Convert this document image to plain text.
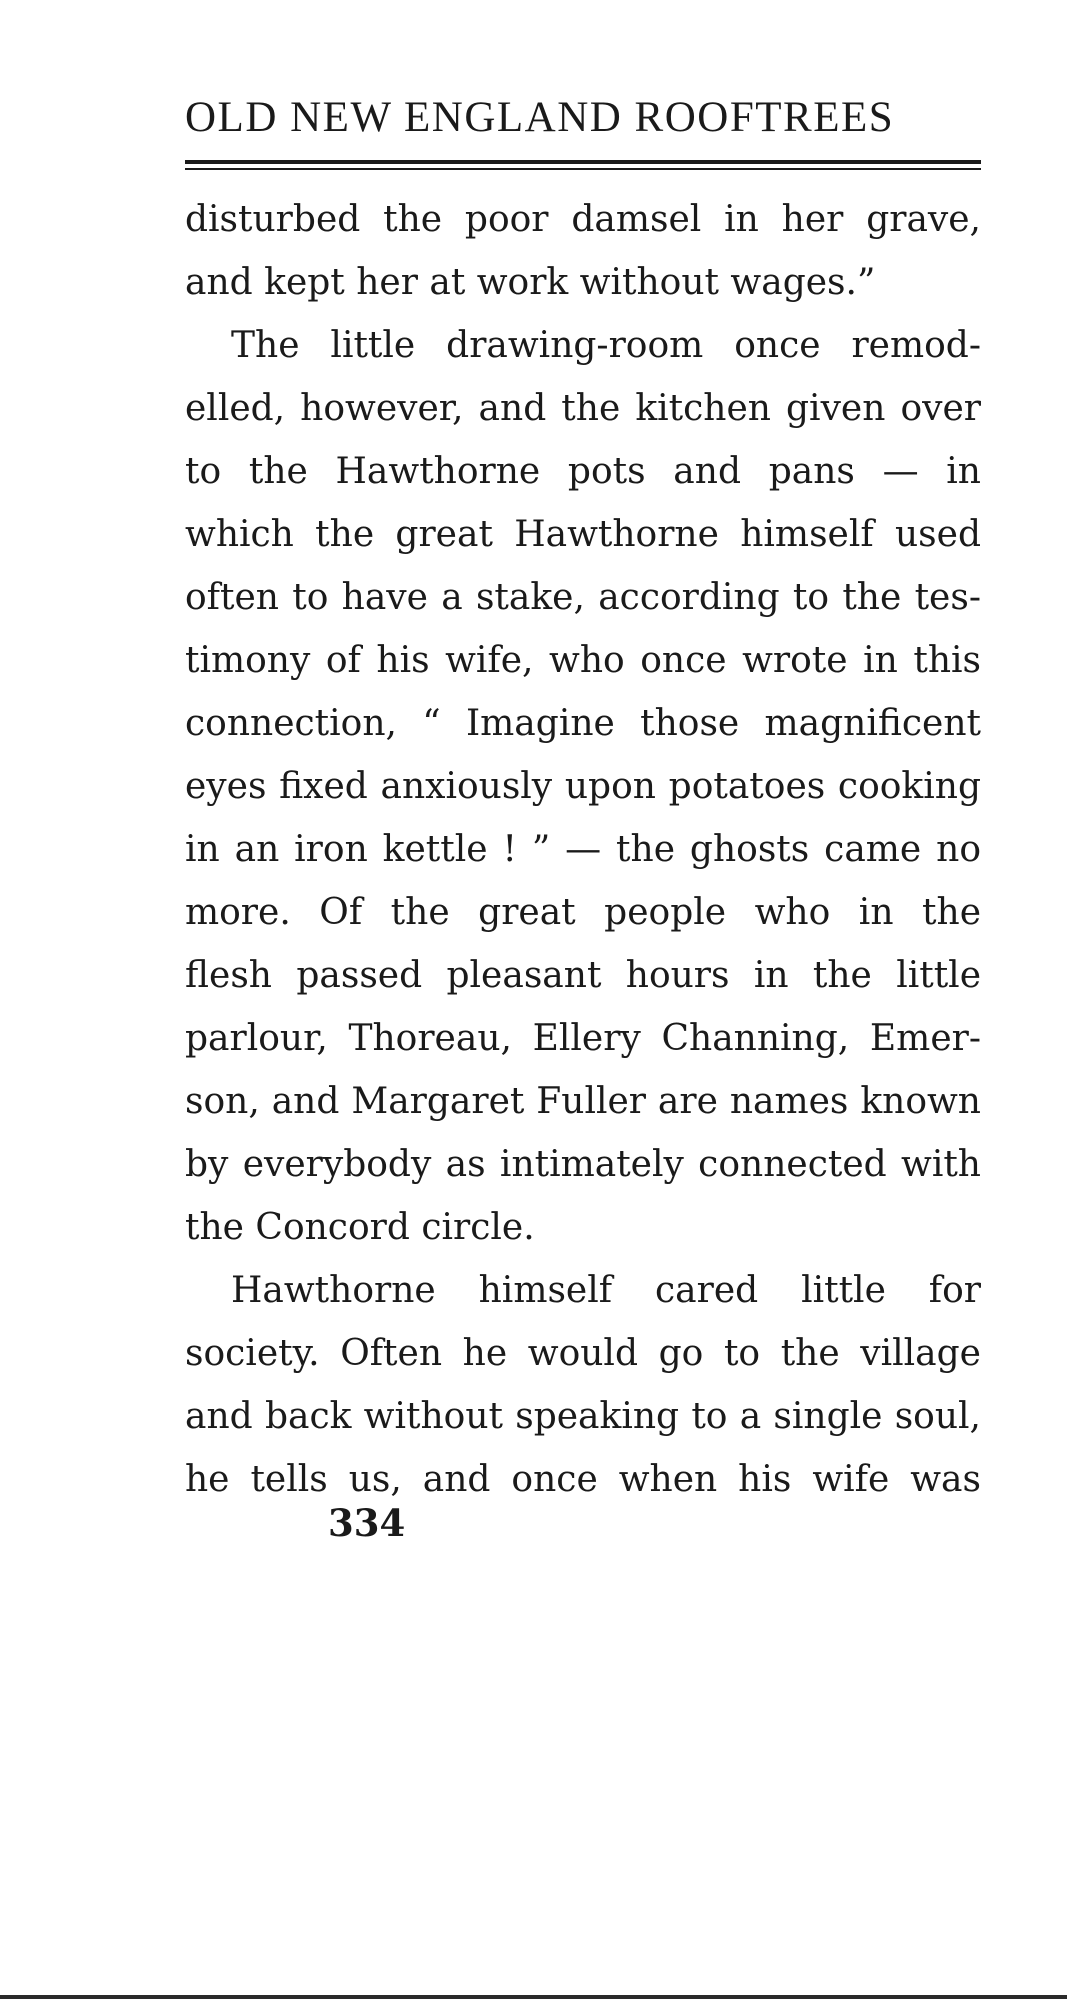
OLD NEW ENGLAND ROOFTREES
disturbed the poor damsel in her grave,
and kept her at work without wages.”
The little drawing-room once remod-
elled, however, and the kitchen given over
to the Hawthorne pots and pans — in
which the great Hawthorne himself used
often to have a stake, according to the tes-
timony of his wife, who once wrote in this
connection, “ Imagine those magnificent
eyes fixed anxiously upon potatoes cooking
in an iron kettle ! ” — the ghosts came no
more. Of the great people who in the
flesh passed pleasant hours in the little
parlour, Thoreau, Ellery Channing, Emer-
son, and Margaret Fuller are names known
by everybody as intimately connected with
the Concord circle.
Hawthorne himself cared little for
society. Often he would go to the village
and back without speaking to a single soul,
he tells us, and once when his wife was
334
